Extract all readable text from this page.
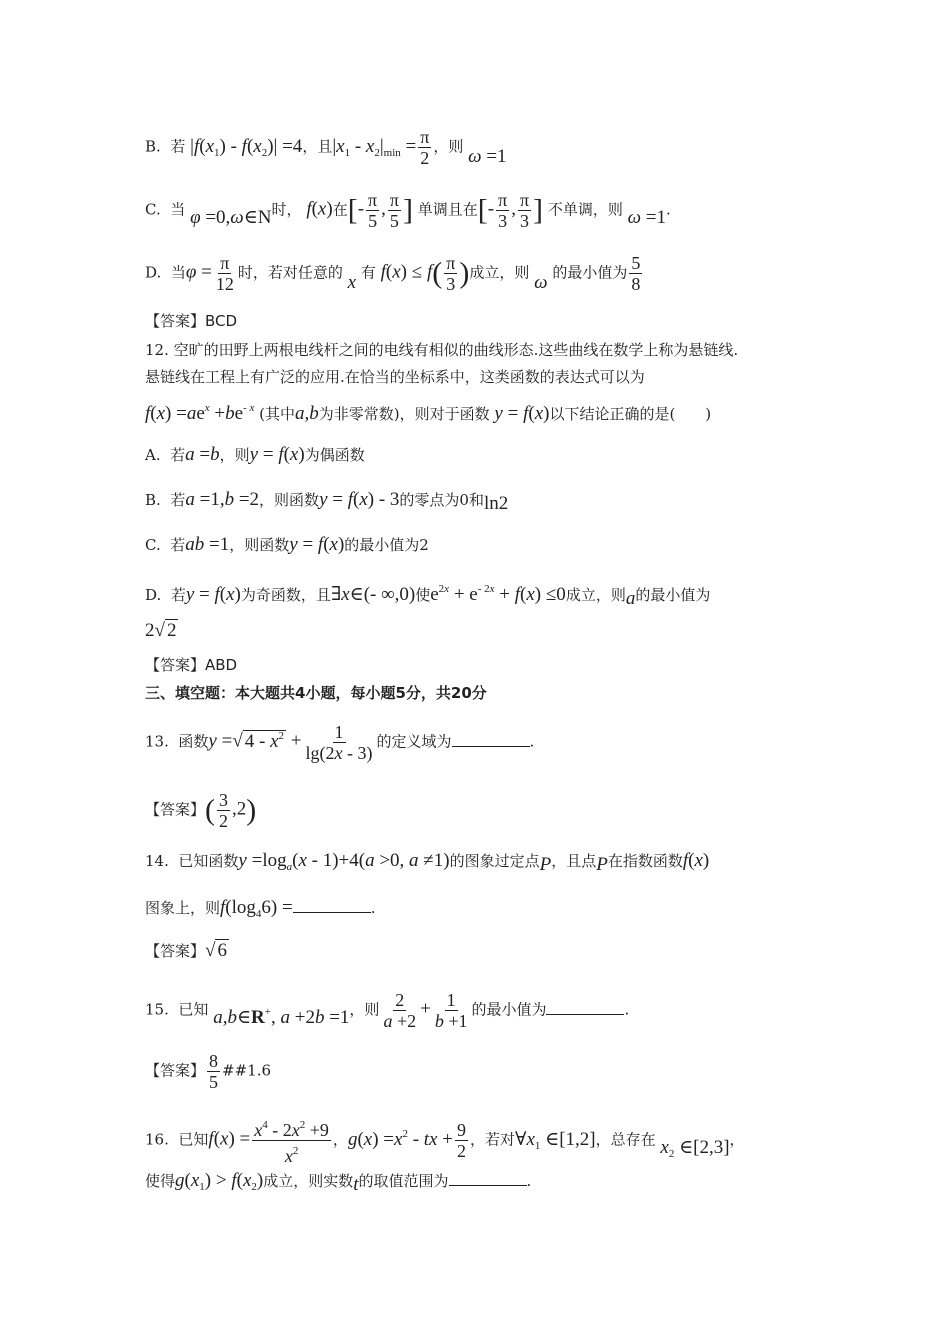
B. 若 $|f(x_1) - f(x_2)| =4$，且$|x_1 - x_2|_{min} = \frac{\pi}{2}$ ，则 ω =1
C. 当 φ =0,ω∈N时， f(x)在[- $\frac{\pi}{5}$ , $\frac{\pi}{5}$ ] 单调且在[- $\frac{\pi}{3}$ , $\frac{\pi}{3}$ ] 不单调，则 ω =1.
D. 当$\varphi = \frac{\pi}{12}$ 时，若对任意的 x 有 $f(x) \le f( \frac{\pi}{3}$ )成立，则 ω 的最小值为 $\frac{5}{8}$
【答案】BCD
12. 空旷的田野上两根电线杆之间的电线有相似的曲线形态.这些曲线在数学上称为悬链线.
悬链线在工程上有广泛的应用.在恰当的坐标系中，这类函数的表达式可以为
$f(x) =ae^x +be^{- x}$ (其中a,b为非零常数)，则对于函数 y = f(x)以下结论正确的是(　　)
A. 若a =b，则y = f(x)为偶函数
B. 若a =1,b =2，则函数y = f(x) - 3的零点为0和ln2
C. 若ab =1，则函数y = f(x)的最小值为2
D. 若y = f(x)为奇函数，且∃x∈(- ∞,0)使$e^{2x} + e^{- 2x} + f(x) \le 0$成立，则a的最小值为
2√ 2
【答案】ABD
三、填空题：本大题共4小题，每小题5分，共20分
13. 函数y =√ $4 - x^2 + \frac{1}{\lg(2x - 3)}$ 的定义域为	.
【答案】( $\frac{3}{2} ,2$)
14. 已知函数$y =\log_a(x - 1)+4(a >0$, a ≠1)的图象过定点P，且点P在指数函数f(x)
图象上，则$f(\log_46)$ =	.
【答案】√ 6
15. 已知 a,b∈R+, a +2b =1，则 $\frac{2}{a +2} + \frac{1}{b +1}$ 的最小值为	.
【答案】 $\frac{8}{5}$ ##1.6
16. 已知$f(x) = \frac{x^4 - 2x^2 +9}{x^2}$ ，$g(x) =x^2$ - tx + $\frac{9}{2}$ ，若对$\forall x_1$ ∈[1,2]，总存在 $x_2$ ∈[2,3]，
使得$g(x_1) > f(x_2)$成立，则实数t的取值范围为	.
